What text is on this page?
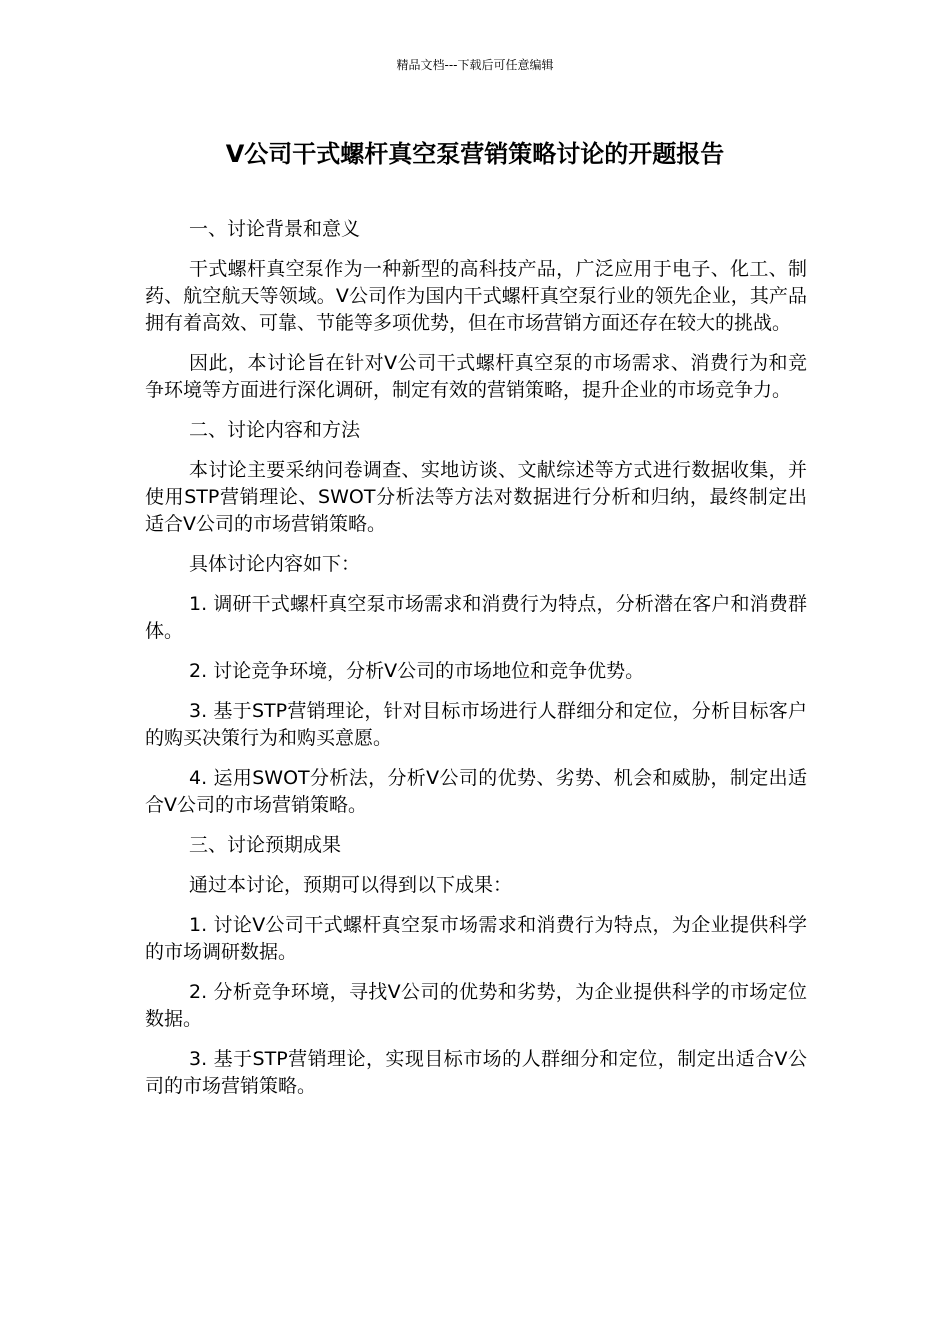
精品文档---下载后可任意编辑
V公司干式螺杆真空泵营销策略讨论的开题报告

一、讨论背景和意义

干式螺杆真空泵作为一种新型的高科技产品，广泛应用于电子、化工、制药、航空航天等领域。V公司作为国内干式螺杆真空泵行业的领先企业，其产品拥有着高效、可靠、节能等多项优势，但在市场营销方面还存在较大的挑战。

因此，本讨论旨在针对V公司干式螺杆真空泵的市场需求、消费行为和竞争环境等方面进行深化调研，制定有效的营销策略，提升企业的市场竞争力。

二、讨论内容和方法

本讨论主要采纳问卷调查、实地访谈、文献综述等方式进行数据收集，并使用STP营销理论、SWOT分析法等方法对数据进行分析和归纳，最终制定出适合V公司的市场营销策略。

具体讨论内容如下：

1. 调研干式螺杆真空泵市场需求和消费行为特点，分析潜在客户和消费群体。

2. 讨论竞争环境，分析V公司的市场地位和竞争优势。

3. 基于STP营销理论，针对目标市场进行人群细分和定位，分析目标客户的购买决策行为和购买意愿。

4. 运用SWOT分析法，分析V公司的优势、劣势、机会和威胁，制定出适合V公司的市场营销策略。

三、讨论预期成果

通过本讨论，预期可以得到以下成果：

1. 讨论V公司干式螺杆真空泵市场需求和消费行为特点，为企业提供科学的市场调研数据。

2. 分析竞争环境，寻找V公司的优势和劣势，为企业提供科学的市场定位数据。

3. 基于STP营销理论，实现目标市场的人群细分和定位，制定出适合V公司的市场营销策略。
